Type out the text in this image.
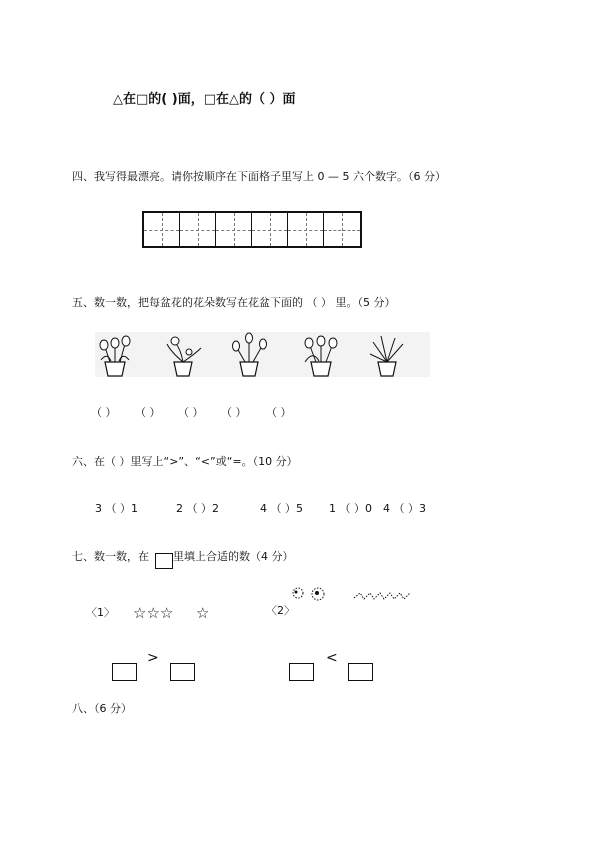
△在□的( )面，□在△的（ ）面
四、我写得最漂亮。请你按顺序在下面格子里写上 0 — 5 六个数字。（6 分）
五、数一数，把每盆花的花朵数写在花盆下面的 （ ） 里。（5 分）
（ ） （ ） （ ） （ ） （ ）
六、在（ ）里写上“>”、“<”或“=。（10 分）
3 （ ）1	2 （ ）2	4 （ ）5 1 （ ）0 4 （ ）3
七、数一数，在 里填上合适的数（4 分）
〈1〉 ☆☆☆ ☆	〈2〉
>	<
八、（6 分）
